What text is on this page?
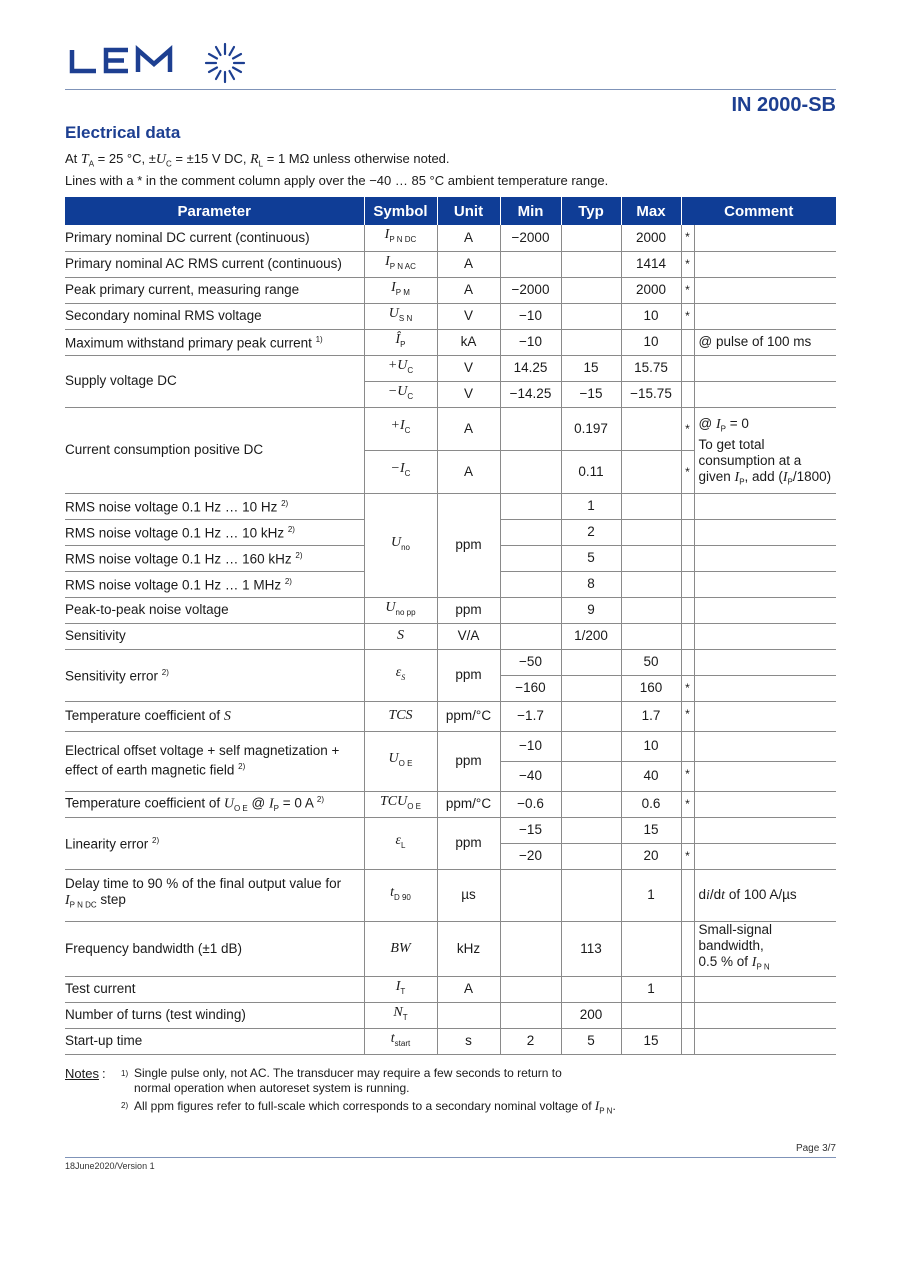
IN 2000-SB
Electrical data
At $T_A = 25$ °C, $\pm U_C = \pm 15$ V DC, $R_L = 1$ MΩ unless otherwise noted.
Lines with a * in the comment column apply over the −40 … 85 °C ambient temperature range.
Parameter	Symbol	Unit	Min	Typ	Max	Comment	
Primary nominal DC current (continuous)	$I_{P N DC}$	A	−2000		2000	*	
Primary nominal AC RMS current (continuous)	$I_{P N AC}$	A			1414	*	
Peak primary current, measuring range	$I_{P M}$	A	−2000		2000	*	
Secondary nominal RMS voltage	$U_{S N}$	V	−10		10	*	
Maximum withstand primary peak current $^{1)}$	$Î_P$	kA	−10		10		@ pulse of 100 ms
Supply voltage DC	$+U_C$	V	14.25	15	15.75		
	$-U_C$	V	−14.25	−15	−15.75		
Current consumption positive DC	$+I_C$	A		0.197		*	@ $I_P = 0$
To get total
consumption at a
given $I_P$, add $(I_P/1800)$

	$-I_C$	A		0.11		*	
RMS noise voltage 0.1 Hz … 10 Hz $^{2)}$	$U_{no}$	ppm		1			
RMS noise voltage 0.1 Hz … 10 kHz $^{2)}$				2			
RMS noise voltage 0.1 Hz … 160 kHz $^{2)}$				5			
RMS noise voltage 0.1 Hz … 1 MHz $^{2)}$				8			
Peak-to-peak noise voltage	$U_{no pp}$	ppm		9			
Sensitivity	S	V/A		1/200			
Sensitivity error $^{2)}$	$\varepsilon_S$	ppm	−50		50		
			−160		160	*	
Temperature coefficient of S	TCS	ppm/°C	−1.7		1.7	*	

Electrical offset voltage + self magnetization +
effect of earth magnetic field $^{2)}$	$U_{O E}$	ppm	−10		10		
			−40		40	*	
Temperature coefficient of $U_{O E}$ @ $I_P = 0$ A $^{2)}$	$TCU_{O E}$	ppm/°C	−0.6		0.6	*	
Linearity error $^{2)}$	$\varepsilon_L$	ppm	−15		15		
			−20		20	*	

Delay time to 90 % of the final output value for
$I_{P N DC}$ step	$t_{D 90}$	µs			1		di/dt of 100 A/µs
Frequency bandwidth (±1 dB)	BW	kHz		113			Small-signal
bandwidth,
0.5 % of $I_{P N}$

Test current	$I_T$	A			1		
Number of turns (test winding)	$N_T$			200			
Start-up time	$t_{start}$	s	2	5	15		
Notes : 1) Single pulse only, not AC. The transducer may require a few seconds to return to
normal operation when autoreset system is running.
2) All ppm figures refer to full-scale which corresponds to a secondary nominal voltage of $I_{P N}$.
Page 3/7
18June2020/Version 1
